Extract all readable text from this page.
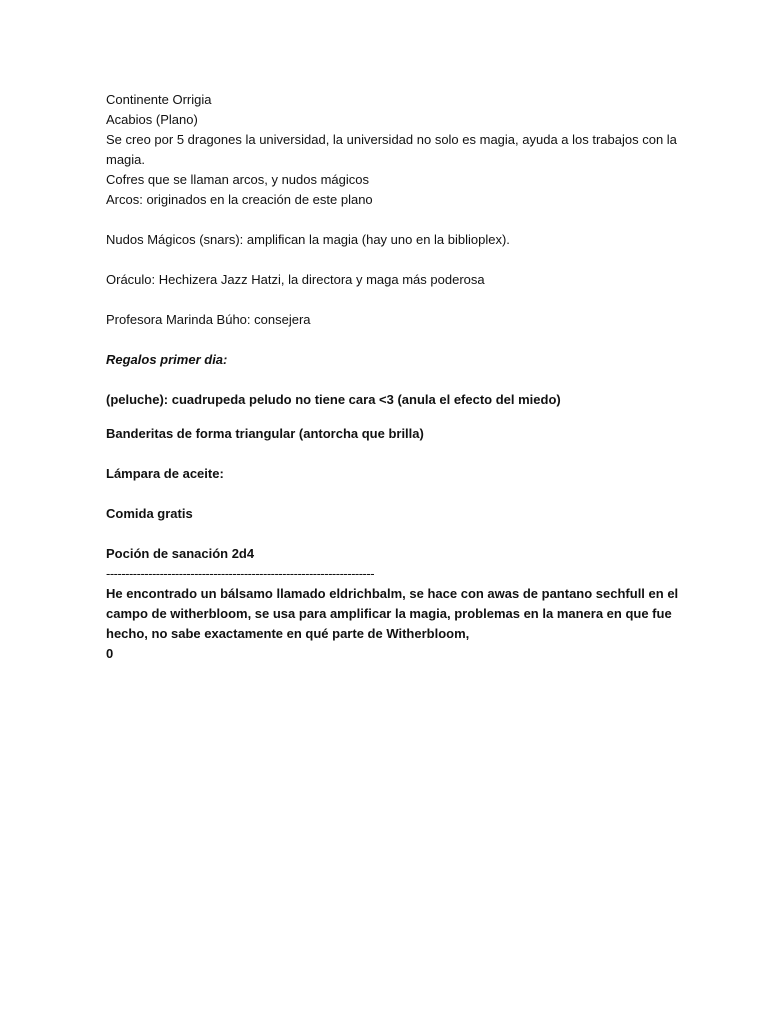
Continente Orrigia
Acabios (Plano)
Se creo por 5 dragones la universidad, la universidad no solo es magia, ayuda a los trabajos con la magia.
Cofres que se llaman arcos, y nudos mágicos
Arcos: originados en la creación de este plano
Nudos Mágicos (snars): amplifican la magia (hay uno en la biblioplex).
Oráculo: Hechizera Jazz Hatzi, la directora y maga más poderosa
Profesora Marinda Búho: consejera
Regalos primer dia:
(peluche): cuadrupeda peludo no tiene cara <3 (anula el efecto del miedo)
Banderitas de forma triangular (antorcha que brilla)
Lámpara de aceite:
Comida gratis
Poción de sanación 2d4
----------------------------------------------------------------------
He encontrado un bálsamo llamado eldrichbalm, se hace con awas de pantano sechfull en el campo de witherbloom, se usa para amplificar la magia, problemas en la manera en que fue hecho, no sabe exactamente en qué parte de Witherbloom,
0
